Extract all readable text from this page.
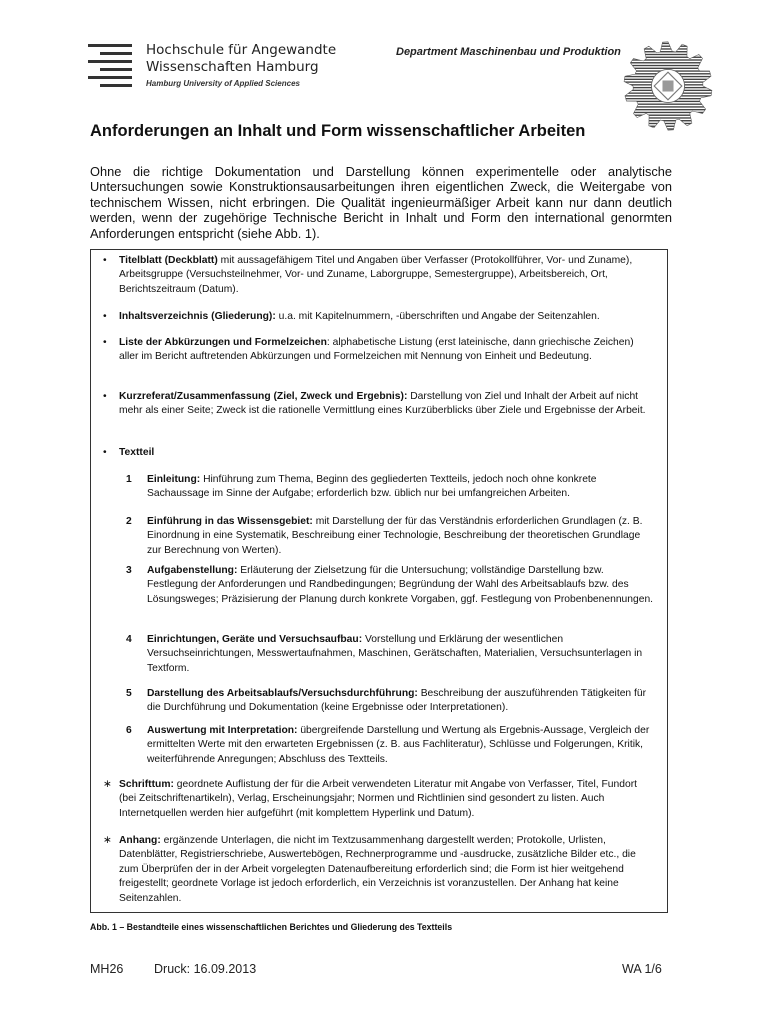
Hochschule für Angewandte
Wissenschaften Hamburg
Hamburg University of Applied Sciences
Department Maschinenbau und Produktion
Anforderungen an Inhalt und Form wissenschaftlicher Arbeiten

Ohne die richtige Dokumentation und Darstellung können experimentelle oder analytische Untersuchungen sowie Konstruktionsausarbeitungen ihren eigentlichen Zweck, die Weitergabe von technischem Wissen, nicht erbringen. Die Qualität ingenieurmäßiger Arbeit kann nur dann deutlich werden, wenn der zugehörige Technische Bericht in Inhalt und Form den international genormten Anforderungen entspricht (siehe Abb. 1).

•	Titelblatt (Deckblatt) mit aussagefähigem Titel und Angaben über Verfasser (Protokollführer, Vor- und Zuname), Arbeitsgruppe (Versuchsteilnehmer, Vor- und Zuname, Laborgruppe, Semestergruppe), Arbeitsbereich, Ort, Berichtszeitraum (Datum).
•	Inhaltsverzeichnis (Gliederung): u.a. mit Kapitelnummern, -überschriften und Angabe der Seitenzahlen.
•	Liste der Abkürzungen und Formelzeichen: alphabetische Listung (erst lateinische, dann griechische Zeichen) aller im Bericht auftretenden Abkürzungen und Formelzeichen mit Nennung von Einheit und Bedeutung.
•	Kurzreferat/Zusammenfassung (Ziel, Zweck und Ergebnis): Darstellung von Ziel und Inhalt der Arbeit auf nicht mehr als einer Seite; Zweck ist die rationelle Vermittlung eines Kurzüberblicks über Ziele und Ergebnisse der Arbeit.
•	Textteil
1 Einleitung: Hinführung zum Thema, Beginn des gegliederten Textteils, jedoch noch ohne konkrete Sachaussage im Sinne der Aufgabe; erforderlich bzw. üblich nur bei umfangreichen Arbeiten.
2 Einführung in das Wissensgebiet: mit Darstellung der für das Verständnis erforderlichen Grundlagen (z. B. Einordnung in eine Systematik, Beschreibung einer Technologie, Beschreibung der theoretischen Grundlage zur Berechnung von Werten).
3 Aufgabenstellung: Erläuterung der Zielsetzung für die Untersuchung; vollständige Darstellung bzw. Festlegung der Anforderungen und Randbedingungen; Begründung der Wahl des Arbeitsablaufs bzw. des Lösungsweges; Präzisierung der Planung durch konkrete Vorgaben, ggf. Festlegung von Probenbenennungen.
4 Einrichtungen, Geräte und Versuchsaufbau: Vorstellung und Erklärung der wesentlichen Versuchseinrichtungen, Messwertaufnahmen, Maschinen, Gerätschaften, Materialien, Versuchsunterlagen in Textform.
5 Darstellung des Arbeitsablaufs/Versuchsdurchführung: Beschreibung der auszuführenden Tätigkeiten für die Durchführung und Dokumentation (keine Ergebnisse oder Interpretationen).
6 Auswertung mit Interpretation: übergreifende Darstellung und Wertung als Ergebnis-Aussage, Vergleich der ermittelten Werte mit den erwarteten Ergebnissen (z. B. aus Fachliteratur), Schlüsse und Folgerungen, Kritik, weiterführende Anregungen; Abschluss des Textteils.
∗ Schrifttum: geordnete Auflistung der für die Arbeit verwendeten Literatur mit Angabe von Verfasser, Titel, Fundort (bei Zeitschriftenartikeln), Verlag, Erscheinungsjahr; Normen und Richtlinien sind gesondert zu listen. Auch Internetquellen werden hier aufgeführt (mit komplettem Hyperlink und Datum).
∗ Anhang: ergänzende Unterlagen, die nicht im Textzusammenhang dargestellt werden; Protokolle, Urlisten, Datenblätter, Registrierschriebe, Auswertebögen, Rechnerprogramme und -ausdrucke, zusätzliche Bilder etc., die zum Überprüfen der in der Arbeit vorgelegten Datenaufbereitung erforderlich sind; die Form ist hier weitgehend freigestellt; geordnete Vorlage ist jedoch erforderlich, ein Verzeichnis ist voranzustellen. Der Anhang hat keine Seitenzahlen.
Abb. 1 – Bestandteile eines wissenschaftlichen Berichtes und Gliederung des Textteils
MH26 Druck: 16.09.2013	WA 1/6
